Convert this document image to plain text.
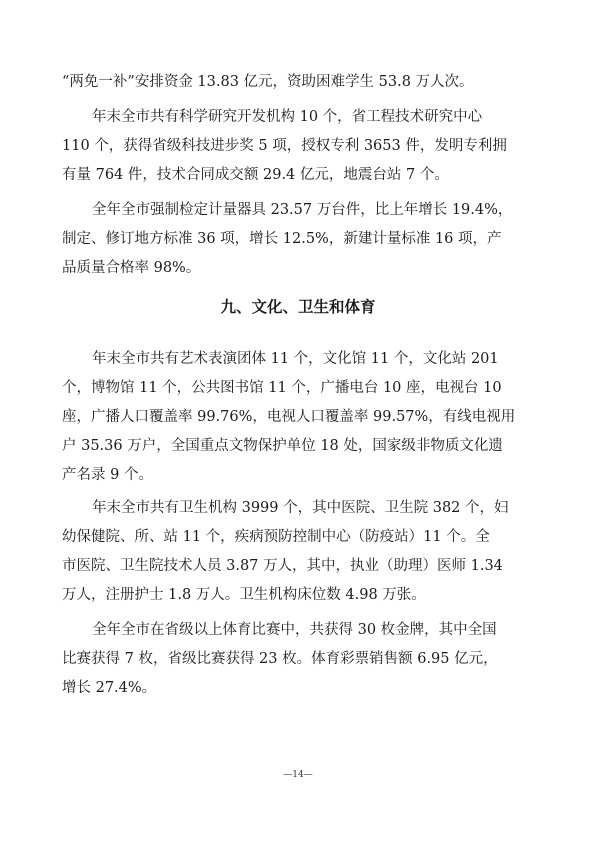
“两免一补”安排资金 13.83 亿元，资助困难学生 53.8 万人次。

年末全市共有科学研究开发机构 10 个，省工程技术研究中心
110 个，获得省级科技进步奖 5 项，授权专利 3653 件，发明专利拥
有量 764 件，技术合同成交额 29.4 亿元，地震台站 7 个。

全年全市强制检定计量器具 23.57 万台件，比上年增长 19.4%，
制定、修订地方标准 36 项，增长 12.5%，新建计量标准 16 项，产
品质量合格率 98%。

九、文化、卫生和体育

年末全市共有艺术表演团体 11 个，文化馆 11 个，文化站 201
个，博物馆 11 个，公共图书馆 11 个，广播电台 10 座，电视台 10
座，广播人口覆盖率 99.76%，电视人口覆盖率 99.57%，有线电视用
户 35.36 万户，全国重点文物保护单位 18 处，国家级非物质文化遗
产名录 9 个。

年末全市共有卫生机构 3999 个，其中医院、卫生院 382 个，妇
幼保健院、所、站 11 个，疾病预防控制中心（防疫站）11 个。全
市医院、卫生院技术人员 3.87 万人，其中，执业（助理）医师 1.34
万人，注册护士 1.8 万人。卫生机构床位数 4.98 万张。

全年全市在省级以上体育比赛中，共获得 30 枚金牌，其中全国
比赛获得 7 枚，省级比赛获得 23 枚。体育彩票销售额 6.95 亿元，
增长 27.4%。

—14—
